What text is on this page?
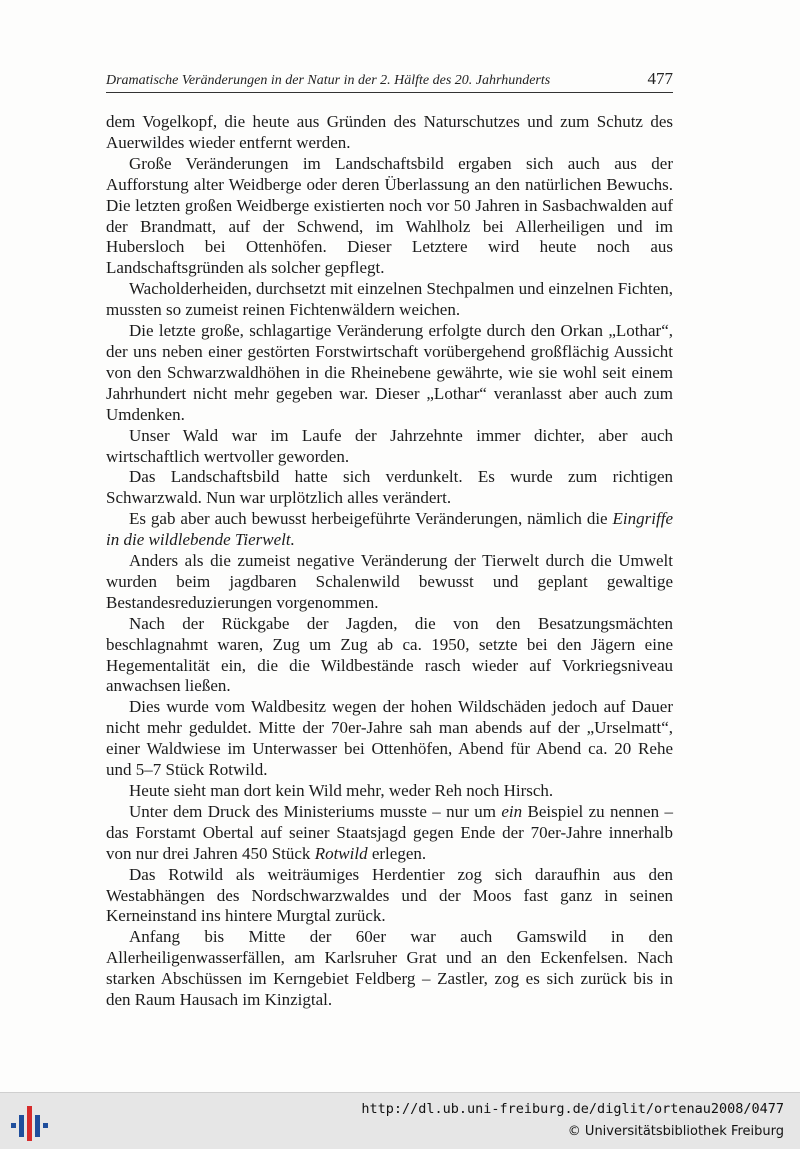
Dramatische Veränderungen in der Natur in der 2. Hälfte des 20. Jahrhunderts	477

dem Vogelkopf, die heute aus Gründen des Naturschutzes und zum Schutz des Auerwildes wieder entfernt werden.

Große Veränderungen im Landschaftsbild ergaben sich auch aus der Aufforstung alter Weidberge oder deren Überlassung an den natürlichen Bewuchs. Die letzten großen Weidberge existierten noch vor 50 Jahren in Sasbachwalden auf der Brandmatt, auf der Schwend, im Wahlholz bei Allerheiligen und im Hubersloch bei Ottenhöfen. Dieser Letztere wird heute noch aus Landschaftsgründen als solcher gepflegt.

Wacholderheiden, durchsetzt mit einzelnen Stechpalmen und einzelnen Fichten, mussten so zumeist reinen Fichtenwäldern weichen.

Die letzte große, schlagartige Veränderung erfolgte durch den Orkan „Lothar“, der uns neben einer gestörten Forstwirtschaft vorübergehend großflächig Aussicht von den Schwarzwaldhöhen in die Rheinebene gewährte, wie sie wohl seit einem Jahrhundert nicht mehr gegeben war. Dieser „Lothar“ veranlasst aber auch zum Umdenken.

Unser Wald war im Laufe der Jahrzehnte immer dichter, aber auch wirtschaftlich wertvoller geworden.

Das Landschaftsbild hatte sich verdunkelt. Es wurde zum richtigen Schwarzwald. Nun war urplötzlich alles verändert.

Es gab aber auch bewusst herbeigeführte Veränderungen, nämlich die Eingriffe in die wildlebende Tierwelt.

Anders als die zumeist negative Veränderung der Tierwelt durch die Umwelt wurden beim jagdbaren Schalenwild bewusst und geplant gewaltige Bestandesreduzierungen vorgenommen.

Nach der Rückgabe der Jagden, die von den Besatzungsmächten beschlagnahmt waren, Zug um Zug ab ca. 1950, setzte bei den Jägern eine Hegementalität ein, die die Wildbestände rasch wieder auf Vorkriegsniveau anwachsen ließen.

Dies wurde vom Waldbesitz wegen der hohen Wildschäden jedoch auf Dauer nicht mehr geduldet. Mitte der 70er-Jahre sah man abends auf der „Urselmatt“, einer Waldwiese im Unterwasser bei Ottenhöfen, Abend für Abend ca. 20 Rehe und 5–7 Stück Rotwild.

Heute sieht man dort kein Wild mehr, weder Reh noch Hirsch.

Unter dem Druck des Ministeriums musste – nur um ein Beispiel zu nennen – das Forstamt Obertal auf seiner Staatsjagd gegen Ende der 70er-Jahre innerhalb von nur drei Jahren 450 Stück Rotwild erlegen.

Das Rotwild als weiträumiges Herdentier zog sich daraufhin aus den Westabhängen des Nordschwarzwaldes und der Moos fast ganz in seinen Kerneinstand ins hintere Murgtal zurück.

Anfang bis Mitte der 60er war auch Gamswild in den Allerheiligenwasserfällen, am Karlsruher Grat und an den Eckenfelsen. Nach starken Abschüssen im Kerngebiet Feldberg – Zastler, zog es sich zurück bis in den Raum Hausach im Kinzigtal.

http://dl.ub.uni-freiburg.de/diglit/ortenau2008/0477
© Universitätsbibliothek Freiburg
